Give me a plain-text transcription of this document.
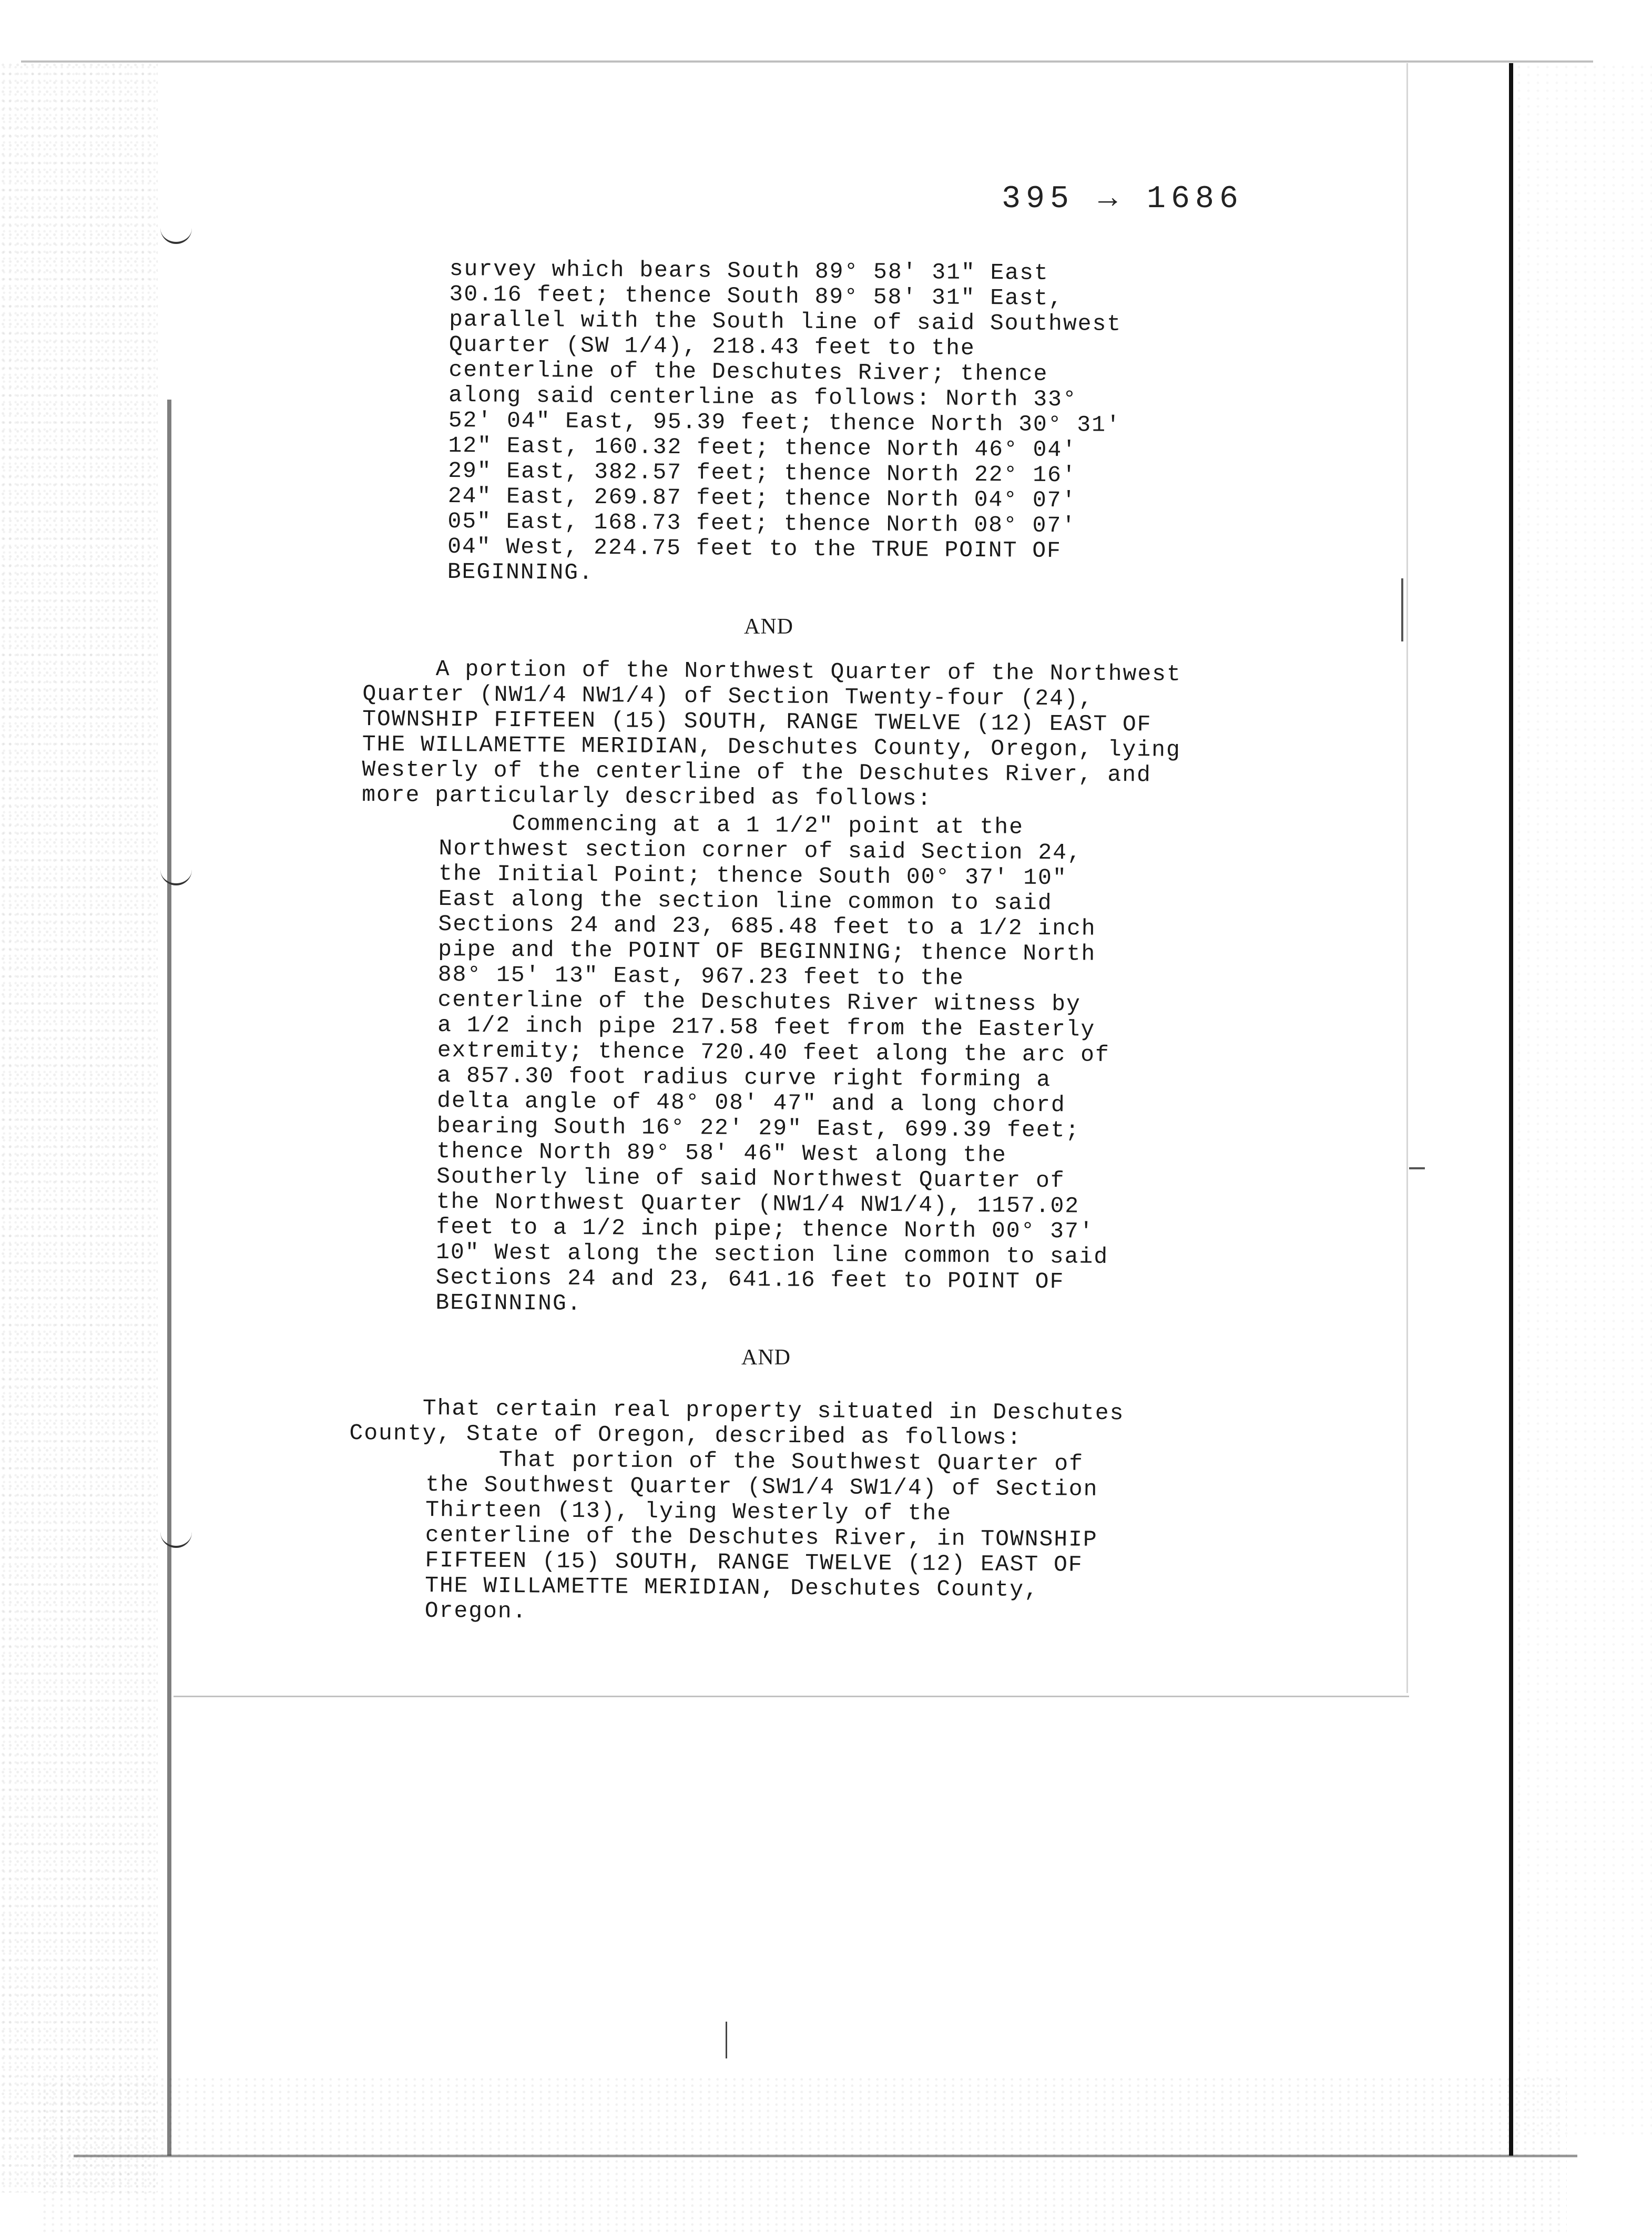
395 → 1686

survey which bears South 89° 58' 31" East

30.16 feet; thence South 89° 58' 31" East,

parallel with the South line of said Southwest

Quarter (SW 1/4), 218.43 feet to the

centerline of the Deschutes River; thence

along said centerline as follows: North 33°

52' 04" East, 95.39 feet; thence North 30° 31'

12" East, 160.32 feet; thence North 46° 04'

29" East, 382.57 feet; thence North 22° 16'

24" East, 269.87 feet; thence North 04° 07'

05" East, 168.73 feet; thence North 08° 07'

04" West, 224.75 feet to the TRUE POINT OF

BEGINNING.

AND

A portion of the Northwest Quarter of the Northwest

Quarter (NW1/4 NW1/4) of Section Twenty-four (24),

TOWNSHIP FIFTEEN (15) SOUTH, RANGE TWELVE (12) EAST OF

THE WILLAMETTE MERIDIAN, Deschutes County, Oregon, lying

Westerly of the centerline of the Deschutes River, and

more particularly described as follows:

Commencing at a 1 1/2" point at the

Northwest section corner of said Section 24,

the Initial Point; thence South 00° 37' 10"

East along the section line common to said

Sections 24 and 23, 685.48 feet to a 1/2 inch

pipe and the POINT OF BEGINNING; thence North

88° 15' 13" East, 967.23 feet to the

centerline of the Deschutes River witness by

a 1/2 inch pipe 217.58 feet from the Easterly

extremity; thence 720.40 feet along the arc of

a 857.30 foot radius curve right forming a

delta angle of 48° 08' 47" and a long chord

bearing South 16° 22' 29" East, 699.39 feet;

thence North 89° 58' 46" West along the

Southerly line of said Northwest Quarter of

the Northwest Quarter (NW1/4 NW1/4), 1157.02

feet to a 1/2 inch pipe; thence North 00° 37'

10" West along the section line common to said

Sections 24 and 23, 641.16 feet to POINT OF

BEGINNING.

AND

That certain real property situated in Deschutes

County, State of Oregon, described as follows:

That portion of the Southwest Quarter of

the Southwest Quarter (SW1/4 SW1/4) of Section

Thirteen (13), lying Westerly of the

centerline of the Deschutes River, in TOWNSHIP

FIFTEEN (15) SOUTH, RANGE TWELVE (12) EAST OF

THE WILLAMETTE MERIDIAN, Deschutes County,

Oregon.
